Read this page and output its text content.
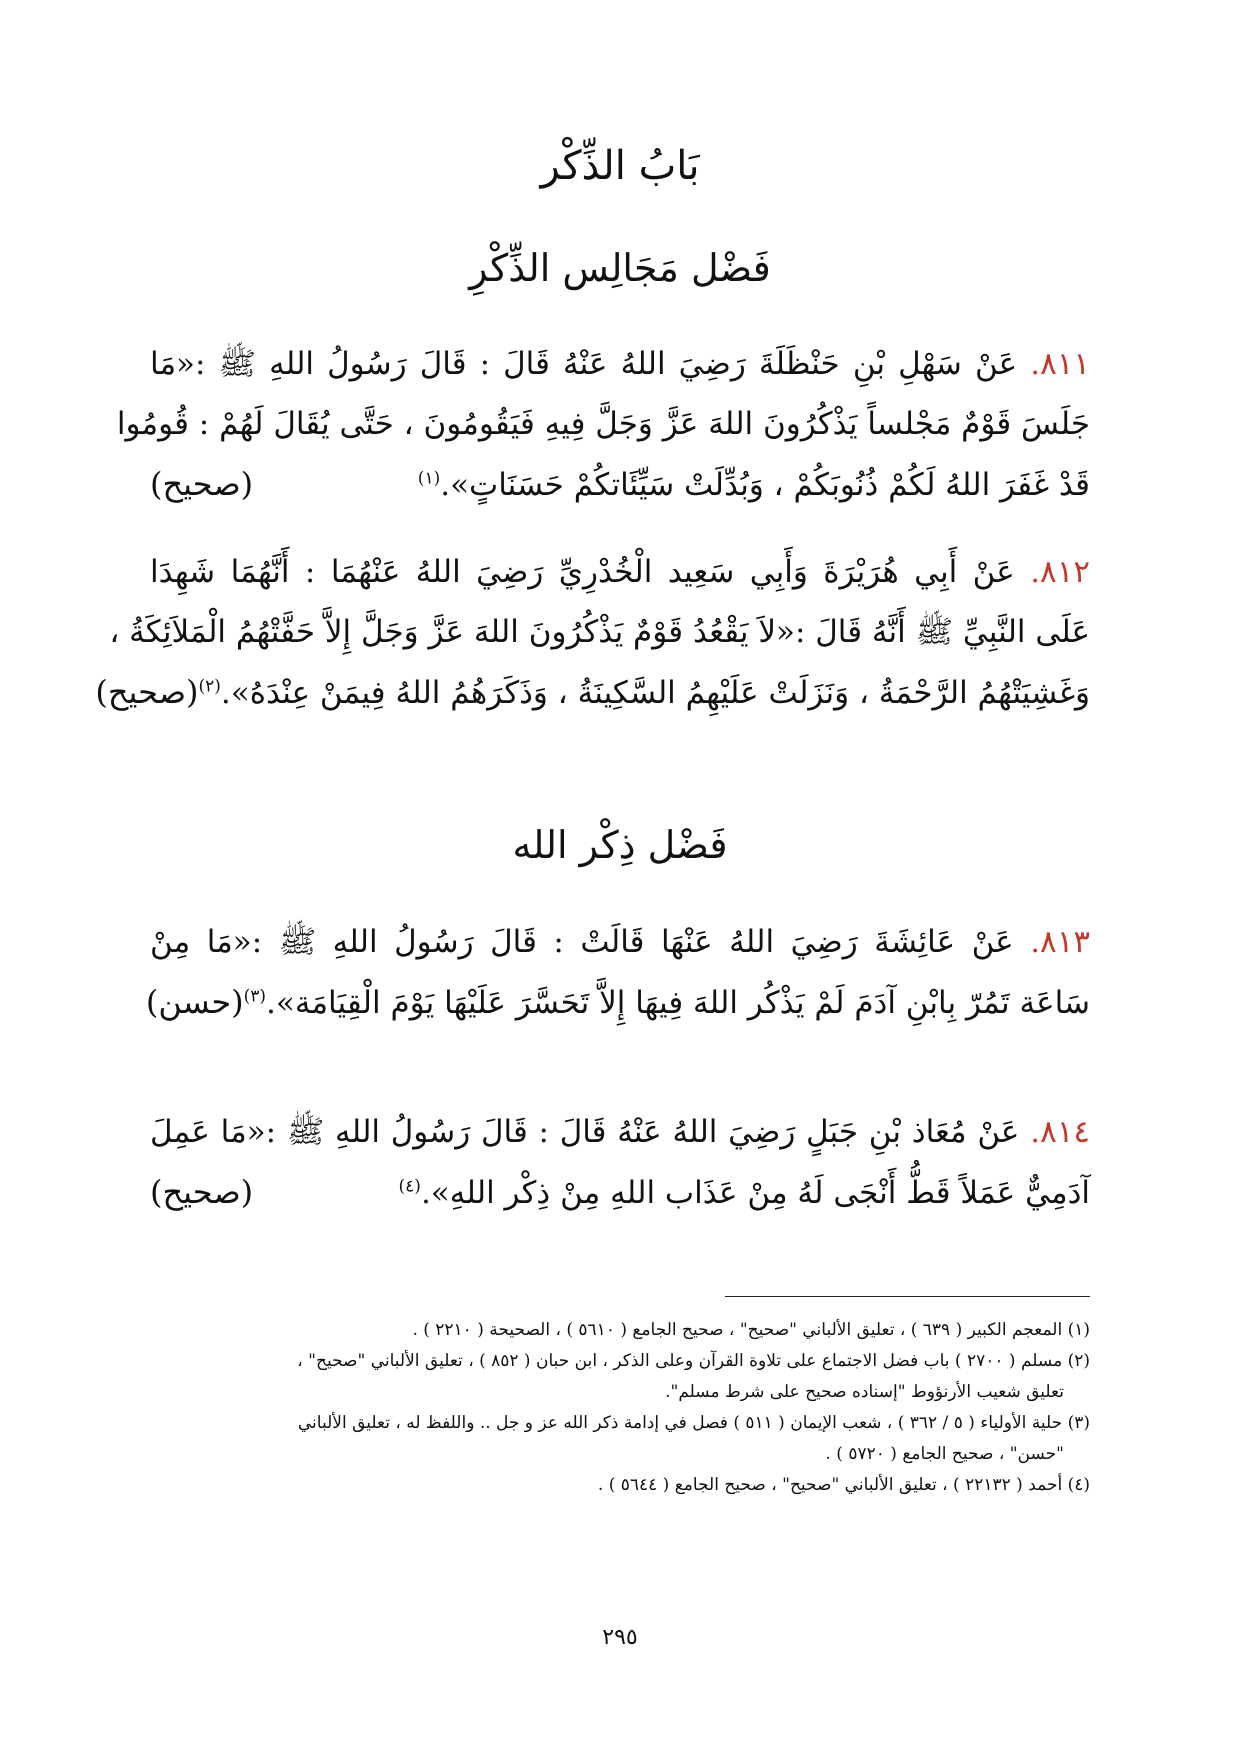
بَابُ الذِّكْر
فَضْل مَجَالِس الذِّكْرِ
٨١١. عَنْ سَهْلِ بْنِ حَنْظَلَةَ رَضِيَ اللهُ عَنْهُ قَالَ : قَالَ رَسُولُ اللهِ ﷺ :«مَا
جَلَسَ قَوْمٌ مَجْلساً يَذْكُرُونَ اللهَ عَزَّ وَجَلَّ فِيهِ فَيَقُومُونَ ، حَتَّى يُقَالَ لَهُمْ : قُومُوا
قَدْ غَفَرَ اللهُ لَكُمْ ذُنُوبَكُمْ ، وَبُدِّلَتْ سَيِّئَاتكُمْ حَسَنَاتٍ».$^{(١)}$
(صحيح)
٨١٢. عَنْ أَبِي هُرَيْرَةَ وَأَبِي سَعِيد الْخُدْرِيِّ رَضِيَ اللهُ عَنْهُمَا : أَنَّهُمَا شَهِدَا
عَلَى النَّبِيِّ ﷺ أَنَّهُ قَالَ :«لاَ يَقْعُدُ قَوْمٌ يَذْكُرُونَ اللهَ عَزَّ وَجَلَّ إِلاَّ حَفَّتْهُمُ الْمَلاَئِكَةُ ،
وَغَشِيَتْهُمُ الرَّحْمَةُ ، وَنَزَلَتْ عَلَيْهِمُ السَّكِينَةُ ، وَذَكَرَهُمُ اللهُ فِيمَنْ عِنْدَهُ».$^{(٢)}$
(صحيح)
فَضْل ذِكْر الله
٨١٣. عَنْ عَائِشَةَ رَضِيَ اللهُ عَنْهَا قَالَتْ : قَالَ رَسُولُ اللهِ ﷺ :«مَا مِنْ
سَاعَة تَمُرّ بِابْنِ آدَمَ لَمْ يَذْكُر اللهَ فِيهَا إِلاَّ تَحَسَّرَ عَلَيْهَا يَوْمَ الْقِيَامَة».$^{(٣)}$
(حسن)
٨١٤. عَنْ مُعَاذ بْنِ جَبَلٍ رَضِيَ اللهُ عَنْهُ قَالَ : قَالَ رَسُولُ اللهِ ﷺ :«مَا عَمِلَ
آدَمِيٌّ عَمَلاً قَطُّ أَنْجَى لَهُ مِنْ عَذَاب اللهِ مِنْ ذِكْر اللهِ».$^{(٤)}$
(صحيح)

(١) المعجم الكبير ( ٦٣٩ ) ، تعليق الألباني "صحيح" ، صحيح الجامع ( ٥٦١٠ ) ، الصحيحة ( ٢٢١٠ ) .

(٢) مسلم ( ٢٧٠٠ ) باب فضل الاجتماع على تلاوة القرآن وعلى الذكر ، ابن حبان ( ٨٥٢ ) ، تعليق الألباني "صحيح" ،
تعليق شعيب الأرنؤوط "إسناده صحيح على شرط مسلم".

(٣) حلية الأولياء ( ٥ / ٣٦٢ ) ، شعب الإيمان ( ٥١١ ) فصل في إدامة ذكر الله عز و جل .. واللفظ له ، تعليق الألباني
"حسن" ، صحيح الجامع ( ٥٧٢٠ ) .

(٤) أحمد ( ٢٢١٣٢ ) ، تعليق الألباني "صحيح" ، صحيح الجامع ( ٥٦٤٤ ) .

٢٩٥
